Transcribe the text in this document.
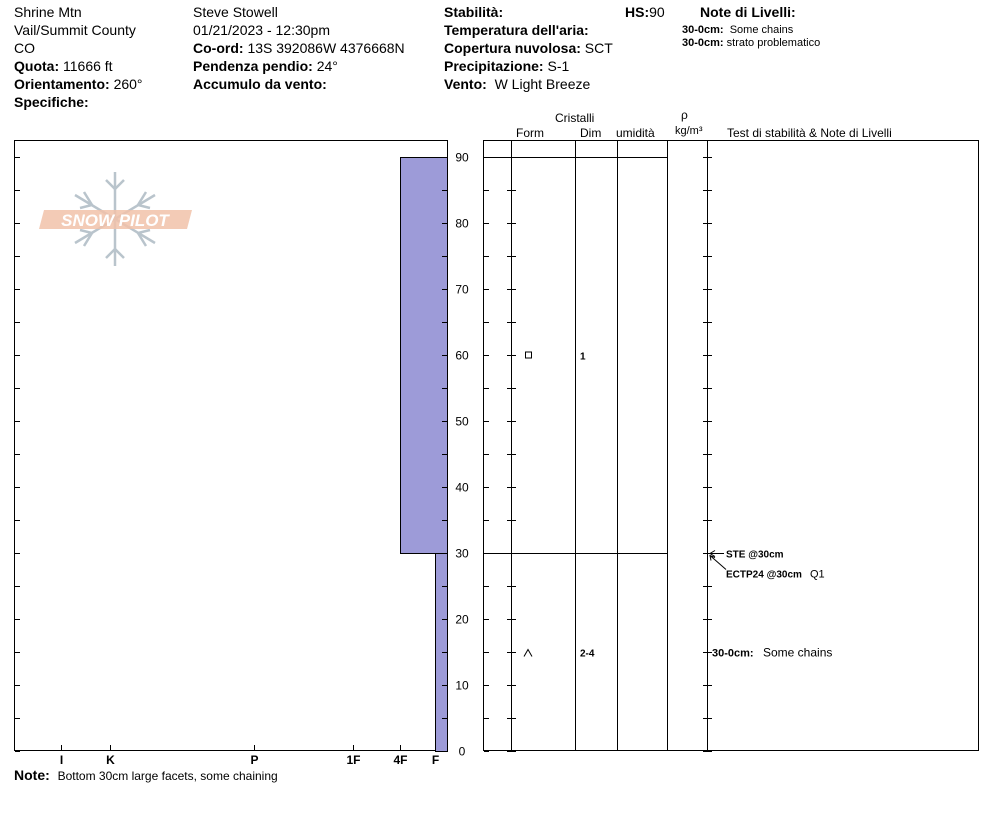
Shrine Mtn
Vail/Summit County
CO
Quota: 11666 ft
Orientamento: 260°
Specifiche:
Steve Stowell
01/21/2023 - 12:30pm
Co-ord: 13S 392086W 4376668N
Pendenza pendio: 24°
Accumulo da vento:
Stabilità:	HS:90
Temperatura dell'aria:
Copertura nuvolosa: SCT
Precipitazione: S-1
Vento: W Light Breeze
Note di Livelli:
30-0cm: Some chains
30-0cm: strato problematico
Cristalli
Form	Dim umidità
ρ
kg/m³ Test di stabilità & Note di Livelli
SNOW PILOT
0
10
20
30
40
50
60
70
80
90
I	K	P	1F	4F F
1
2-4
STE @30cm
ECTP24 @30cm Q1
30-0cm: Some chains
Note: Bottom 30cm large facets, some chaining
